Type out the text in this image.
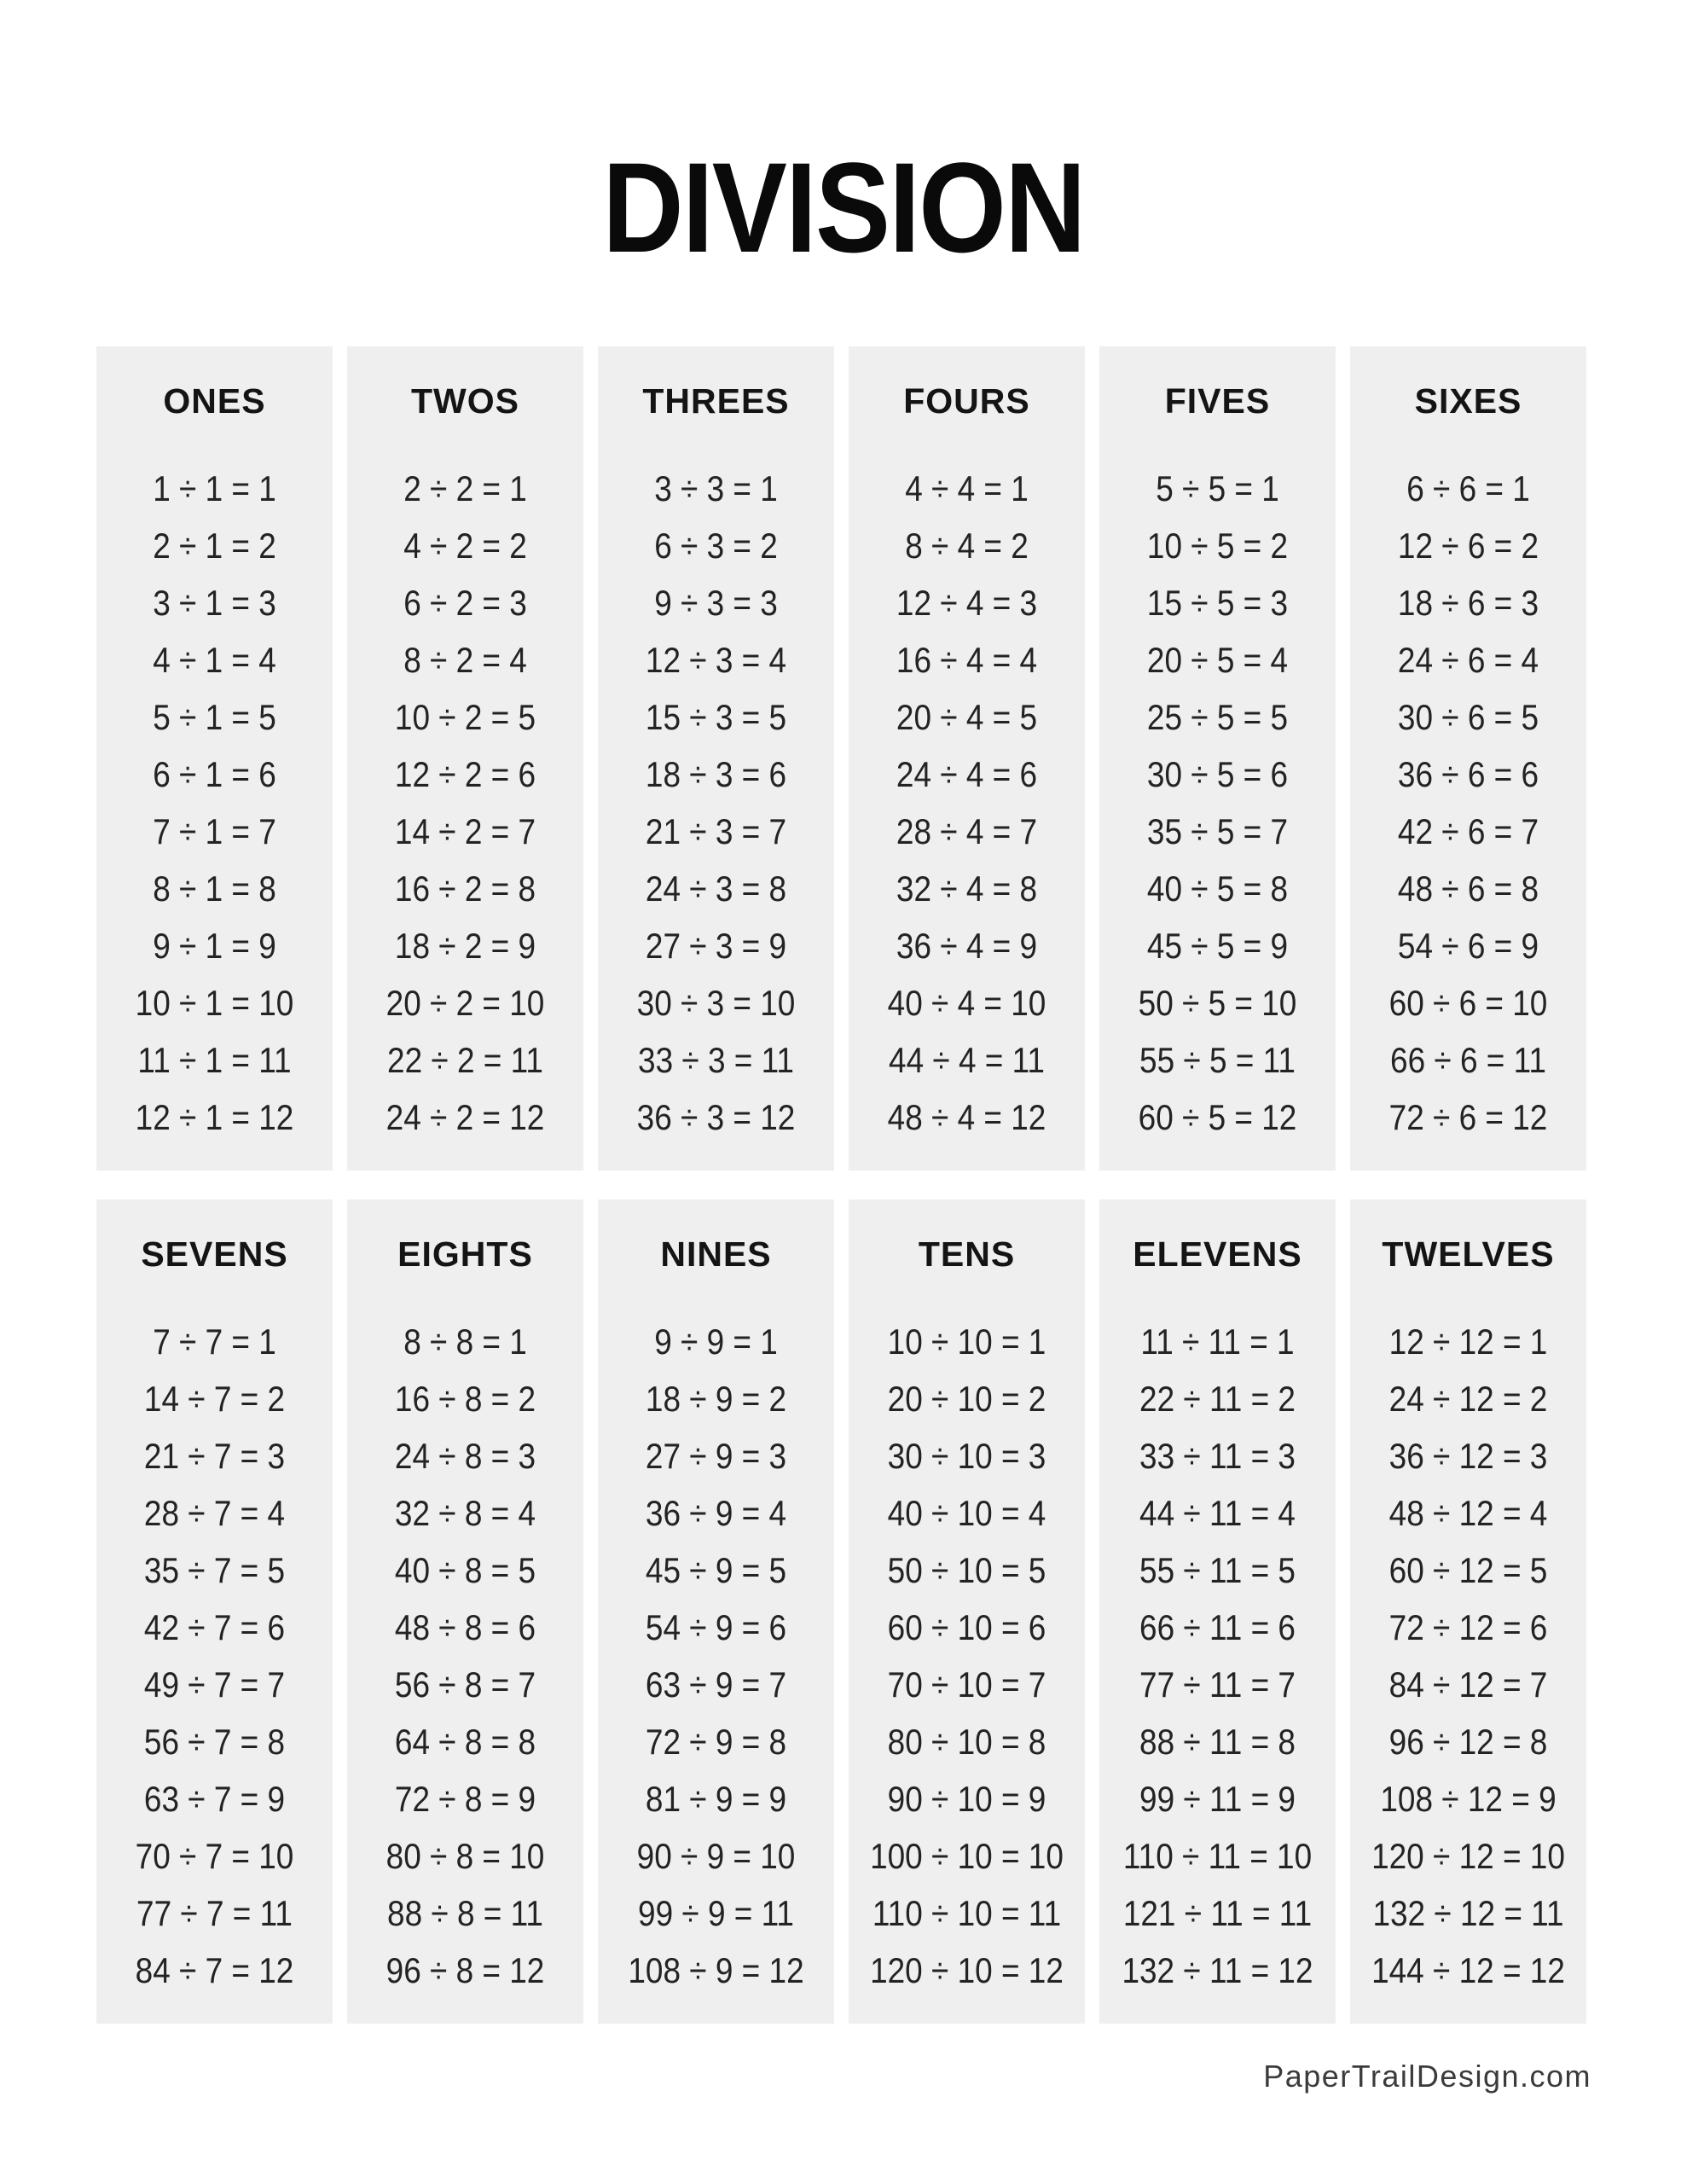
DIVISION
ONES

1 ÷ 1 = 1

2 ÷ 1 = 2

3 ÷ 1 = 3

4 ÷ 1 = 4

5 ÷ 1 = 5

6 ÷ 1 = 6

7 ÷ 1 = 7

8 ÷ 1 = 8

9 ÷ 1 = 9

10 ÷ 1 = 10

11 ÷ 1 = 11

12 ÷ 1 = 12

TWOS

2 ÷ 2 = 1

4 ÷ 2 = 2

6 ÷ 2 = 3

8 ÷ 2 = 4

10 ÷ 2 = 5

12 ÷ 2 = 6

14 ÷ 2 = 7

16 ÷ 2 = 8

18 ÷ 2 = 9

20 ÷ 2 = 10

22 ÷ 2 = 11

24 ÷ 2 = 12

THREES

3 ÷ 3 = 1

6 ÷ 3 = 2

9 ÷ 3 = 3

12 ÷ 3 = 4

15 ÷ 3 = 5

18 ÷ 3 = 6

21 ÷ 3 = 7

24 ÷ 3 = 8

27 ÷ 3 = 9

30 ÷ 3 = 10

33 ÷ 3 = 11

36 ÷ 3 = 12

FOURS

4 ÷ 4 = 1

8 ÷ 4 = 2

12 ÷ 4 = 3

16 ÷ 4 = 4

20 ÷ 4 = 5

24 ÷ 4 = 6

28 ÷ 4 = 7

32 ÷ 4 = 8

36 ÷ 4 = 9

40 ÷ 4 = 10

44 ÷ 4 = 11

48 ÷ 4 = 12

FIVES

5 ÷ 5 = 1

10 ÷ 5 = 2

15 ÷ 5 = 3

20 ÷ 5 = 4

25 ÷ 5 = 5

30 ÷ 5 = 6

35 ÷ 5 = 7

40 ÷ 5 = 8

45 ÷ 5 = 9

50 ÷ 5 = 10

55 ÷ 5 = 11

60 ÷ 5 = 12

SIXES

6 ÷ 6 = 1

12 ÷ 6 = 2

18 ÷ 6 = 3

24 ÷ 6 = 4

30 ÷ 6 = 5

36 ÷ 6 = 6

42 ÷ 6 = 7

48 ÷ 6 = 8

54 ÷ 6 = 9

60 ÷ 6 = 10

66 ÷ 6 = 11

72 ÷ 6 = 12

SEVENS

7 ÷ 7 = 1

14 ÷ 7 = 2

21 ÷ 7 = 3

28 ÷ 7 = 4

35 ÷ 7 = 5

42 ÷ 7 = 6

49 ÷ 7 = 7

56 ÷ 7 = 8

63 ÷ 7 = 9

70 ÷ 7 = 10

77 ÷ 7 = 11

84 ÷ 7 = 12

EIGHTS

8 ÷ 8 = 1

16 ÷ 8 = 2

24 ÷ 8 = 3

32 ÷ 8 = 4

40 ÷ 8 = 5

48 ÷ 8 = 6

56 ÷ 8 = 7

64 ÷ 8 = 8

72 ÷ 8 = 9

80 ÷ 8 = 10

88 ÷ 8 = 11

96 ÷ 8 = 12

NINES

9 ÷ 9 = 1

18 ÷ 9 = 2

27 ÷ 9 = 3

36 ÷ 9 = 4

45 ÷ 9 = 5

54 ÷ 9 = 6

63 ÷ 9 = 7

72 ÷ 9 = 8

81 ÷ 9 = 9

90 ÷ 9 = 10

99 ÷ 9 = 11

108 ÷ 9 = 12

TENS

10 ÷ 10 = 1

20 ÷ 10 = 2

30 ÷ 10 = 3

40 ÷ 10 = 4

50 ÷ 10 = 5

60 ÷ 10 = 6

70 ÷ 10 = 7

80 ÷ 10 = 8

90 ÷ 10 = 9

100 ÷ 10 = 10

110 ÷ 10 = 11

120 ÷ 10 = 12

ELEVENS

11 ÷ 11 = 1

22 ÷ 11 = 2

33 ÷ 11 = 3

44 ÷ 11 = 4

55 ÷ 11 = 5

66 ÷ 11 = 6

77 ÷ 11 = 7

88 ÷ 11 = 8

99 ÷ 11 = 9

110 ÷ 11 = 10

121 ÷ 11 = 11

132 ÷ 11 = 12

TWELVES

12 ÷ 12 = 1

24 ÷ 12 = 2

36 ÷ 12 = 3

48 ÷ 12 = 4

60 ÷ 12 = 5

72 ÷ 12 = 6

84 ÷ 12 = 7

96 ÷ 12 = 8

108 ÷ 12 = 9

120 ÷ 12 = 10

132 ÷ 12 = 11

144 ÷ 12 = 12

PaperTrailDesign.com
